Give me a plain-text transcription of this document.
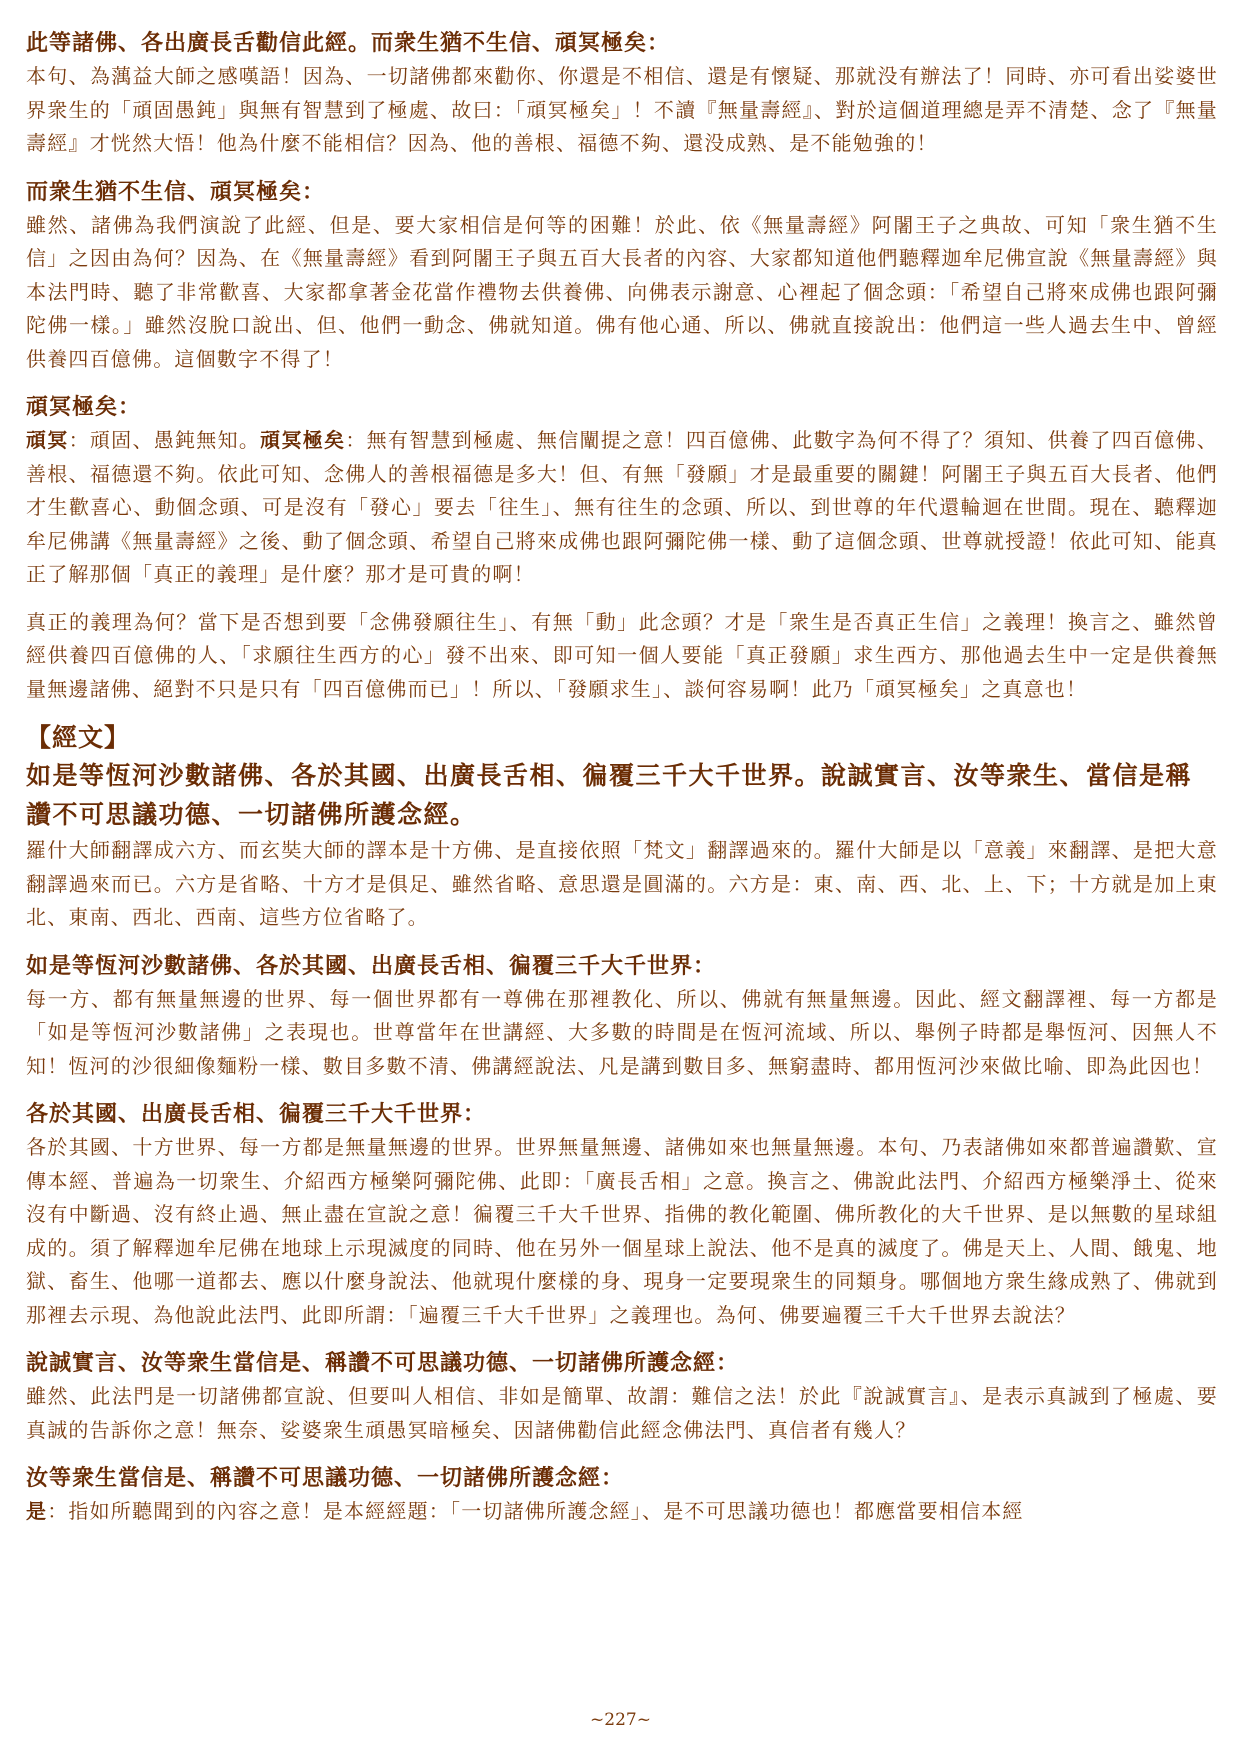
此等諸佛、各出廣長舌勸信此經。而衆生猶不生信、頑冥極矣：

本句、為蕅益大師之感嘆語！因為、一切諸佛都來勸你、你還是不相信、還是有懷疑、那就没有辦法了！同時、亦可看出娑婆世界衆生的「頑固愚鈍」與無有智慧到了極處、故曰：「頑冥極矣」！不讀『無量壽經』、對於這個道理總是弄不清楚、念了『無量壽經』才恍然大悟！他為什麼不能相信？因為、他的善根、福德不夠、還没成熟、是不能勉強的！

而衆生猶不生信、頑冥極矣：

雖然、諸佛為我們演說了此經、但是、要大家相信是何等的困難！於此、依《無量壽經》阿闍王子之典故、可知「衆生猶不生信」之因由為何？因為、在《無量壽經》看到阿闍王子與五百大長者的內容、大家都知道他們聽釋迦牟尼佛宣說《無量壽經》與本法門時、聽了非常歡喜、大家都拿著金花當作禮物去供養佛、向佛表示謝意、心裡起了個念頭：「希望自己將來成佛也跟阿彌陀佛一樣。」雖然沒脫口說出、但、他們一動念、佛就知道。佛有他心通、所以、佛就直接說出：他們這一些人過去生中、曾經供養四百億佛。這個數字不得了！

頑冥極矣：

頑冥：頑固、愚鈍無知。頑冥極矣：無有智慧到極處、無信闡提之意！四百億佛、此數字為何不得了？須知、供養了四百億佛、善根、福德還不夠。依此可知、念佛人的善根福德是多大！但、有無「發願」才是最重要的關鍵！阿闍王子與五百大長者、他們才生歡喜心、動個念頭、可是沒有「發心」要去「往生」、無有往生的念頭、所以、到世尊的年代還輪迴在世間。現在、聽釋迦牟尼佛講《無量壽經》之後、動了個念頭、希望自己將來成佛也跟阿彌陀佛一樣、動了這個念頭、世尊就授證！依此可知、能真正了解那個「真正的義理」是什麼？那才是可貴的啊！

真正的義理為何？當下是否想到要「念佛發願往生」、有無「動」此念頭？才是「衆生是否真正生信」之義理！換言之、雖然曾經供養四百億佛的人、「求願往生西方的心」發不出來、即可知一個人要能「真正發願」求生西方、那他過去生中一定是供養無量無邊諸佛、絕對不只是只有「四百億佛而已」！所以、「發願求生」、談何容易啊！此乃「頑冥極矣」之真意也！

【經文】

如是等恆河沙數諸佛、各於其國、出廣長舌相、徧覆三千大千世界。說誠實言、汝等衆生、當信是稱讚不可思議功德、一切諸佛所護念經。

羅什大師翻譯成六方、而玄奘大師的譯本是十方佛、是直接依照「梵文」翻譯過來的。羅什大師是以「意義」來翻譯、是把大意翻譯過來而已。六方是省略、十方才是俱足、雖然省略、意思還是圓滿的。六方是：東、南、西、北、上、下；十方就是加上東北、東南、西北、西南、這些方位省略了。

如是等恆河沙數諸佛、各於其國、出廣長舌相、徧覆三千大千世界：

每一方、都有無量無邊的世界、每一個世界都有一尊佛在那裡教化、所以、佛就有無量無邊。因此、經文翻譯裡、每一方都是「如是等恆河沙數諸佛」之表現也。世尊當年在世講經、大多數的時間是在恆河流域、所以、舉例子時都是舉恆河、因無人不知！恆河的沙很細像麵粉一樣、數目多數不清、佛講經說法、凡是講到數目多、無窮盡時、都用恆河沙來做比喻、即為此因也！

各於其國、出廣長舌相、徧覆三千大千世界：

各於其國、十方世界、每一方都是無量無邊的世界。世界無量無邊、諸佛如來也無量無邊。本句、乃表諸佛如來都普遍讚歎、宣傳本經、普遍為一切衆生、介紹西方極樂阿彌陀佛、此即：「廣長舌相」之意。換言之、佛說此法門、介紹西方極樂淨土、從來沒有中斷過、沒有終止過、無止盡在宣說之意！徧覆三千大千世界、指佛的教化範圍、佛所教化的大千世界、是以無數的星球組成的。須了解釋迦牟尼佛在地球上示現滅度的同時、他在另外一個星球上說法、他不是真的滅度了。佛是天上、人間、餓鬼、地獄、畜生、他哪一道都去、應以什麼身說法、他就現什麼樣的身、現身一定要現衆生的同類身。哪個地方衆生緣成熟了、佛就到那裡去示現、為他說此法門、此即所謂：「遍覆三千大千世界」之義理也。為何、佛要遍覆三千大千世界去說法？

說誠實言、汝等衆生當信是、稱讚不可思議功德、一切諸佛所護念經：

雖然、此法門是一切諸佛都宣說、但要叫人相信、非如是簡單、故謂：難信之法！於此『說誠實言』、是表示真誠到了極處、要真誠的告訴你之意！無奈、娑婆衆生頑愚冥暗極矣、因諸佛勸信此經念佛法門、真信者有幾人？

汝等衆生當信是、稱讚不可思議功德、一切諸佛所護念經：

是：指如所聽聞到的內容之意！是本經經題：「一切諸佛所護念經」、是不可思議功德也！都應當要相信本經

~227~
